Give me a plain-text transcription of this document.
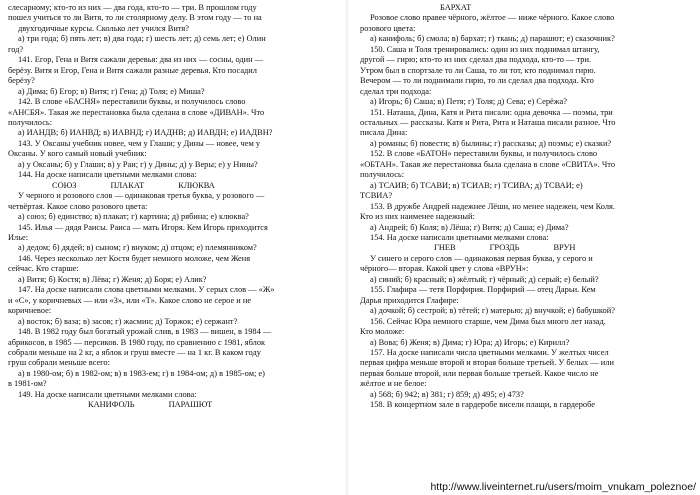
слесарному; кто-то из них — два года, кто-то — три. В прошлом году
пошел учиться то ли Витя, то ли столярному делу. В этом году — то на
двухгодичные курсы. Сколько лет учился Витя?
а) три года; б) пять лет; в) два года; г) шесть лет; д) семь лет; е) Олин
год?
141. Егор, Гена и Витя сажали деревья: два из них — сосны, один —
берёзу. Витя и Егор, Гена и Витя сажали разные деревья. Кто посадил
берёзу?
а) Дима; б) Егор; в) Витя; г) Гена; д) Толя; е) Миша?
142. В слове «БАСНЯ» переставили буквы, и получилось слово
«АНСБЯ». Такая же перестановка была сделана в слове «ДИВАН». Что
получилось:
а) ИАНДВ; б) ИАНВД; в) ИАВНД; г) ИАДНВ; д) ИАВДН; е) ИАДВН?
143. У Оксаны учебник новее, чем у Глаши; у Дины — новее, чем у
Оксаны. У кого самый новый учебник:
а) у Оксаны; б) у Глаши; в) у Раи; г) у Дины; д) у Веры; е) у Нины?
144. На доске написали цветными мелками слова:
СОЮЗ	ПЛАКАТ	КЛЮКВА
У черного и розового слов — одинаковая третья буква, у розового —
четвёртая. Какое слово розового цвета:
а) союз; б) единство; в) плакат; г) картина; д) рябина; е) клюква?
145. Илья — дядя Раисы. Раиса — мать Игоря. Кем Игорь приходится
Илье:
а) дедом; б) дядей; в) сыном; г) внуком; д) отцом; е) племянником?
146. Через несколько лет Костя будет немного моложе, чем Женя
сейчас. Кто старше:
а) Витя; б) Костя; в) Лёва; г) Женя; д) Боря; е) Алик?
147. На доске написали слова цветными мелками. У серых слов — «Ж»
и «С», у коричневых — или «З», или «Т». Какое слово не серое и не
коричневое:
а) восток; б) ваза; в) засов; г) жасмин; д) Торжок; е) сержант?
148. В 1982 году был богатый урожай слив, в 1983 — вишен, в 1984 —
абрикосов, в 1985 — персиков. В 1980 году, по сравнению с 1981, яблок
собрали меньше на 2 кг, а яблок и груш вместе — на 1 кг. В каком году
груш собрали меньше всего:
а) в 1980-ом; б) в 1982-ом; в) в 1983-ем; г) в 1984-ом; д) в 1985-ом; е)
в 1981-ом?
149. На доске написали цветными мелками слова:
КАНИФОЛЬ	ПАРАШЮТ
БАРХАТ
Розовое слово правее чёрного, жёлтое — ниже чёрного. Какое слово
розового цвета:
а) канифоль; б) смола; в) бархат; г) ткань; д) парашют; е) сказочник?
150. Саша и Толя тренировались: один из них поднимал штангу,
другой — гирю; кто-то из них сделал два подхода, кто-то — три.
Утром был в спортзале то ли Саша, то ли тот, кто поднимал гирю.
Вечером — то ли поднимали гирю, то ли сделал два подхода. Кто
сделал три подхода:
а) Игорь; б) Саша; в) Петя; г) Толя; д) Сева; е) Серёжа?
151. Наташа, Дина, Катя и Рита писали: одна девочка — поэмы, три
остальных — рассказы. Катя и Рита, Рита и Наташа писали разное. Что
писала Дина:
а) романы; б) повести; в) былины; г) рассказы; д) поэмы; е) сказки?
152. В слове «БАТОН» переставили буквы, и получилось слово
«ОБТАН». Такая же перестановка была сделана в слове «СВИТА». Что
получилось:
а) ТСАИВ; б) ТСАВИ; в) ТСИАВ; г) ТСИВА; д) ТСВАИ; е)
ТСВИА?
153. В дружбе Андрей надежнее Лёши, но менее надежен, чем Коля.
Кто из них наименее надежный:
а) Андрей; б) Коля; в) Лёша; г) Витя; д) Саша; е) Дима?
154. На доске написали цветными мелками слова:
ГНЕВ	ГРОЗДЬ	ВРУН
У синего и серого слов — одинаковая первая буква, у серого и
чёрного— вторая. Какой цвет у слова «ВРУН»:
а) синий; б) красный; в) жёлтый; г) чёрный; д) серый; е) белый?
155. Глафира — тетя Порфирия. Порфирий — отец Дарьи. Кем
Дарья приходится Глафире:
а) дочкой; б) сестрой; в) тётей; г) матерью; д) внучкой; е) бабушкой?
156. Сейчас Юра немного старше, чем Дима был много лет назад.
Кто моложе:
а) Вова; б) Женя; в) Дима; г) Юра; д) Игорь; е) Кирилл?
157. На доске написали числа цветными мелками. У желтых чисел
первая цифра меньше второй и вторая больше третьей. У белых — или
первая больше второй, или первая больше третьей. Какое число не
жёлтое и не белое:
а) 568; б) 942; в) 381; г) 859; д) 495; е) 473?
158. В концертном зале в гардеробе висели плащи, в гардеробе
http://www.liveinternet.ru/users/moim_vnukam_poleznoe/
